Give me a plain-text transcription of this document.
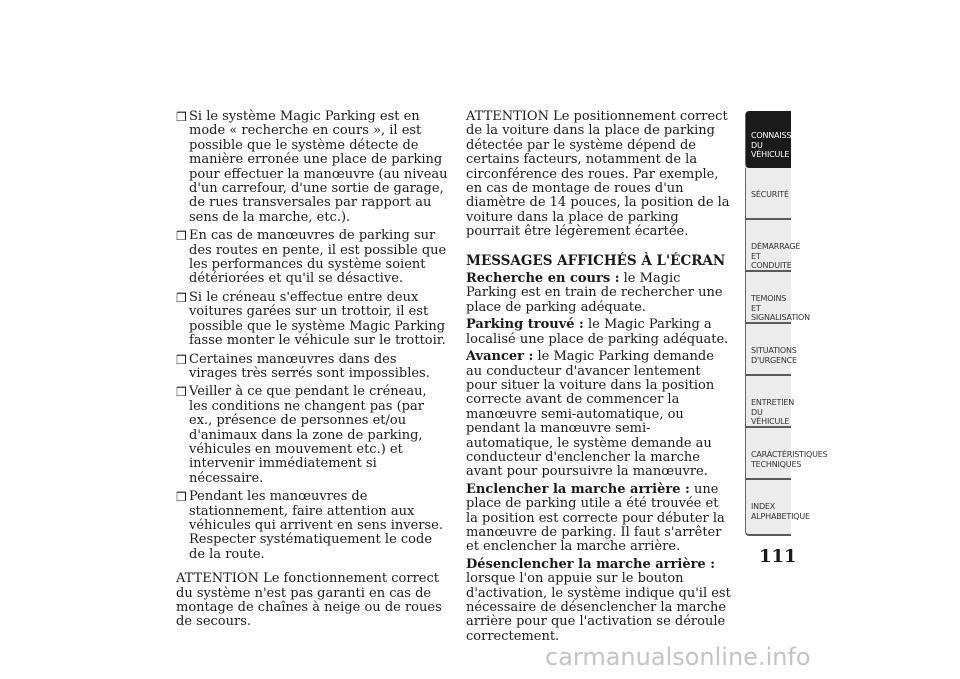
❒ Si le système Magic Parking est en mode « recherche en cours », il est possible que le système détecte de manière erronée une place de parking pour effectuer la manœuvre (au niveau d'un carrefour, d'une sortie de garage, de rues transversales par rapport au sens de la marche, etc.).
❒ En cas de manœuvres de parking sur des routes en pente, il est possible que les performances du système soient détériorées et qu'il se désactive.
❒ Si le créneau s'effectue entre deux voitures garées sur un trottoir, il est possible que le système Magic Parking fasse monter le véhicule sur le trottoir.
❒ Certaines manœuvres dans des virages très serrés sont impossibles.
❒ Veiller à ce que pendant le créneau, les conditions ne changent pas (par ex., présence de personnes et/ou d'animaux dans la zone de parking, véhicules en mouvement etc.) et intervenir immédiatement si nécessaire.
❒ Pendant les manœuvres de stationnement, faire attention aux véhicules qui arrivent en sens inverse. Respecter systématiquement le code de la route.

ATTENTION Le fonctionnement correct du système n'est pas garanti en cas de montage de chaînes à neige ou de roues de secours.

ATTENTION Le positionnement correct de la voiture dans la place de parking détectée par le système dépend de certains facteurs, notamment de la circonférence des roues. Par exemple, en cas de montage de roues d'un diamètre de 14 pouces, la position de la voiture dans la place de parking pourrait être légèrement écartée.

MESSAGES AFFICHÉS À L'ÉCRAN

Recherche en cours : le Magic Parking est en train de rechercher une place de parking adéquate.

Parking trouvé : le Magic Parking a localisé une place de parking adéquate.

Avancer : le Magic Parking demande au conducteur d'avancer lentement pour situer la voiture dans la position correcte avant de commencer la manœuvre semi-automatique, ou pendant la manœuvre semi-automatique, le système demande au conducteur d'enclencher la marche avant pour poursuivre la manœuvre.

Enclencher la marche arrière : une place de parking utile a été trouvée et la position est correcte pour débuter la manœuvre de parking. Il faut s'arrêter et enclencher la marche arrière.

Désenclencher la marche arrière : lorsque l'on appuie sur le bouton d'activation, le système indique qu'il est nécessaire de désenclencher la marche arrière pour que l'activation se déroule correctement.

CONNAISSANCE DU
VÉHICULE
SÉCURITÉ
DÉMARRAGE ET
CONDUITE
TEMOINS ET
SIGNALISATION
SITUATIONS
D'URGENCE
ENTRETIEN DU
VÉHICULE
CARACTÉRISTIQUES
TECHNIQUES
INDEX
ALPHABETIQUE
111
carmanualsonline.info
